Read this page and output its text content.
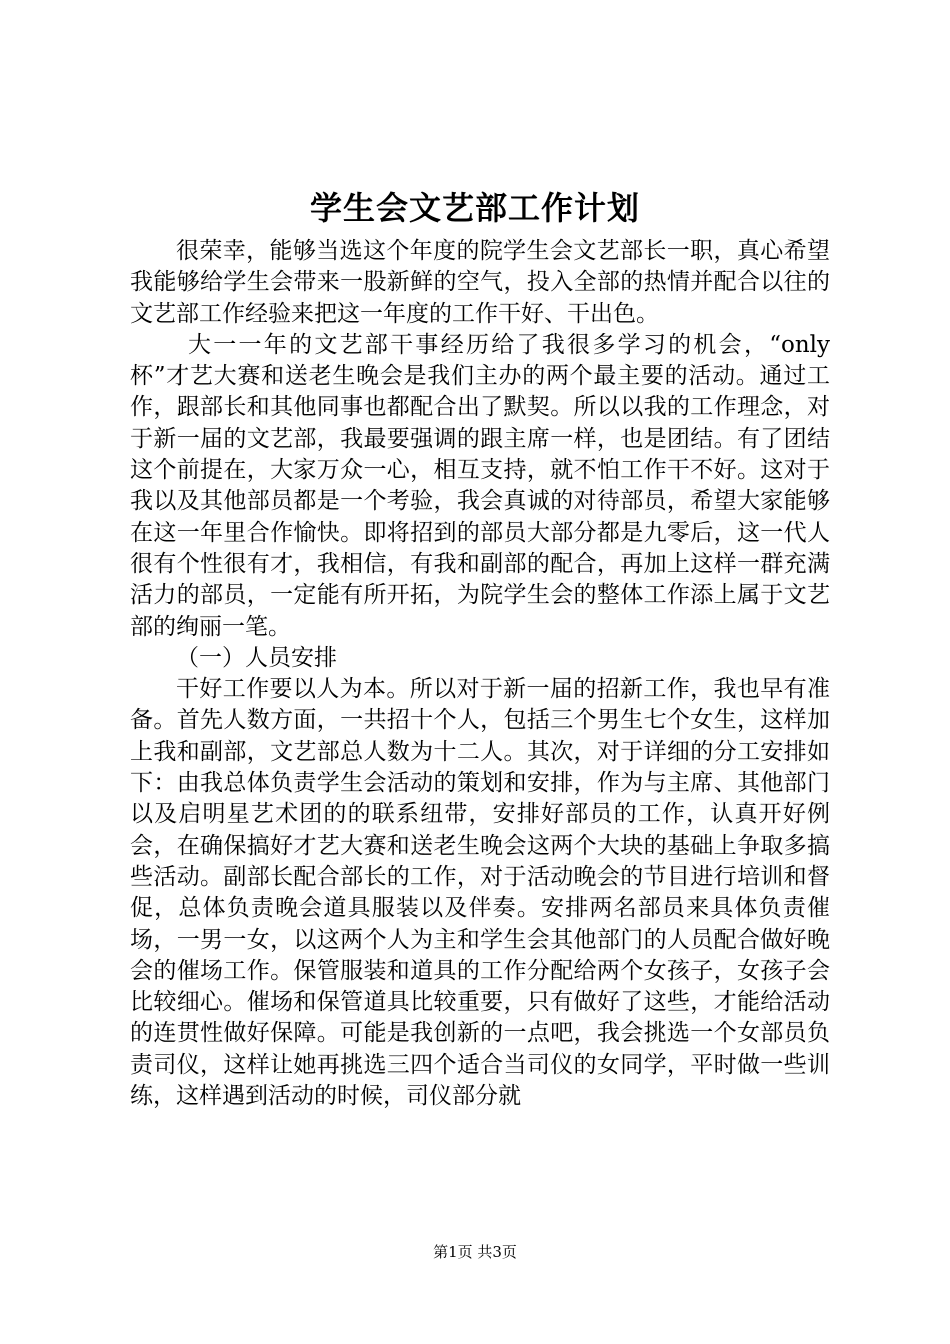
学生会文艺部工作计划

很荣幸，能够当选这个年度的院学生会文艺部长一职，真心希望我能够给学生会带来一股新鲜的空气，投入全部的热情并配合以往的文艺部工作经验来把这一年度的工作干好、干出色。

大一一年的文艺部干事经历给了我很多学习的机会，“only杯”才艺大赛和送老生晚会是我们主办的两个最主要的活动。通过工作，跟部长和其他同事也都配合出了默契。所以以我的工作理念，对于新一届的文艺部，我最要强调的跟主席一样，也是团结。有了团结这个前提在，大家万众一心，相互支持，就不怕工作干不好。这对于我以及其他部员都是一个考验，我会真诚的对待部员，希望大家能够在这一年里合作愉快。即将招到的部员大部分都是九零后，这一代人很有个性很有才，我相信，有我和副部的配合，再加上这样一群充满活力的部员，一定能有所开拓，为院学生会的整体工作添上属于文艺部的绚丽一笔。

（一）人员安排

干好工作要以人为本。所以对于新一届的招新工作，我也早有准备。首先人数方面，一共招十个人，包括三个男生七个女生，这样加上我和副部，文艺部总人数为十二人。其次，对于详细的分工安排如下：由我总体负责学生会活动的策划和安排，作为与主席、其他部门以及启明星艺术团的的联系纽带，安排好部员的工作，认真开好例会，在确保搞好才艺大赛和送老生晚会这两个大块的基础上争取多搞些活动。副部长配合部长的工作，对于活动晚会的节目进行培训和督促，总体负责晚会道具服装以及伴奏。安排两名部员来具体负责催场，一男一女，以这两个人为主和学生会其他部门的人员配合做好晚会的催场工作。保管服装和道具的工作分配给两个女孩子，女孩子会比较细心。催场和保管道具比较重要，只有做好了这些，才能给活动的连贯性做好保障。可能是我创新的一点吧，我会挑选一个女部员负责司仪，这样让她再挑选三四个适合当司仪的女同学，平时做一些训练，这样遇到活动的时候，司仪部分就

第1页 共3页
